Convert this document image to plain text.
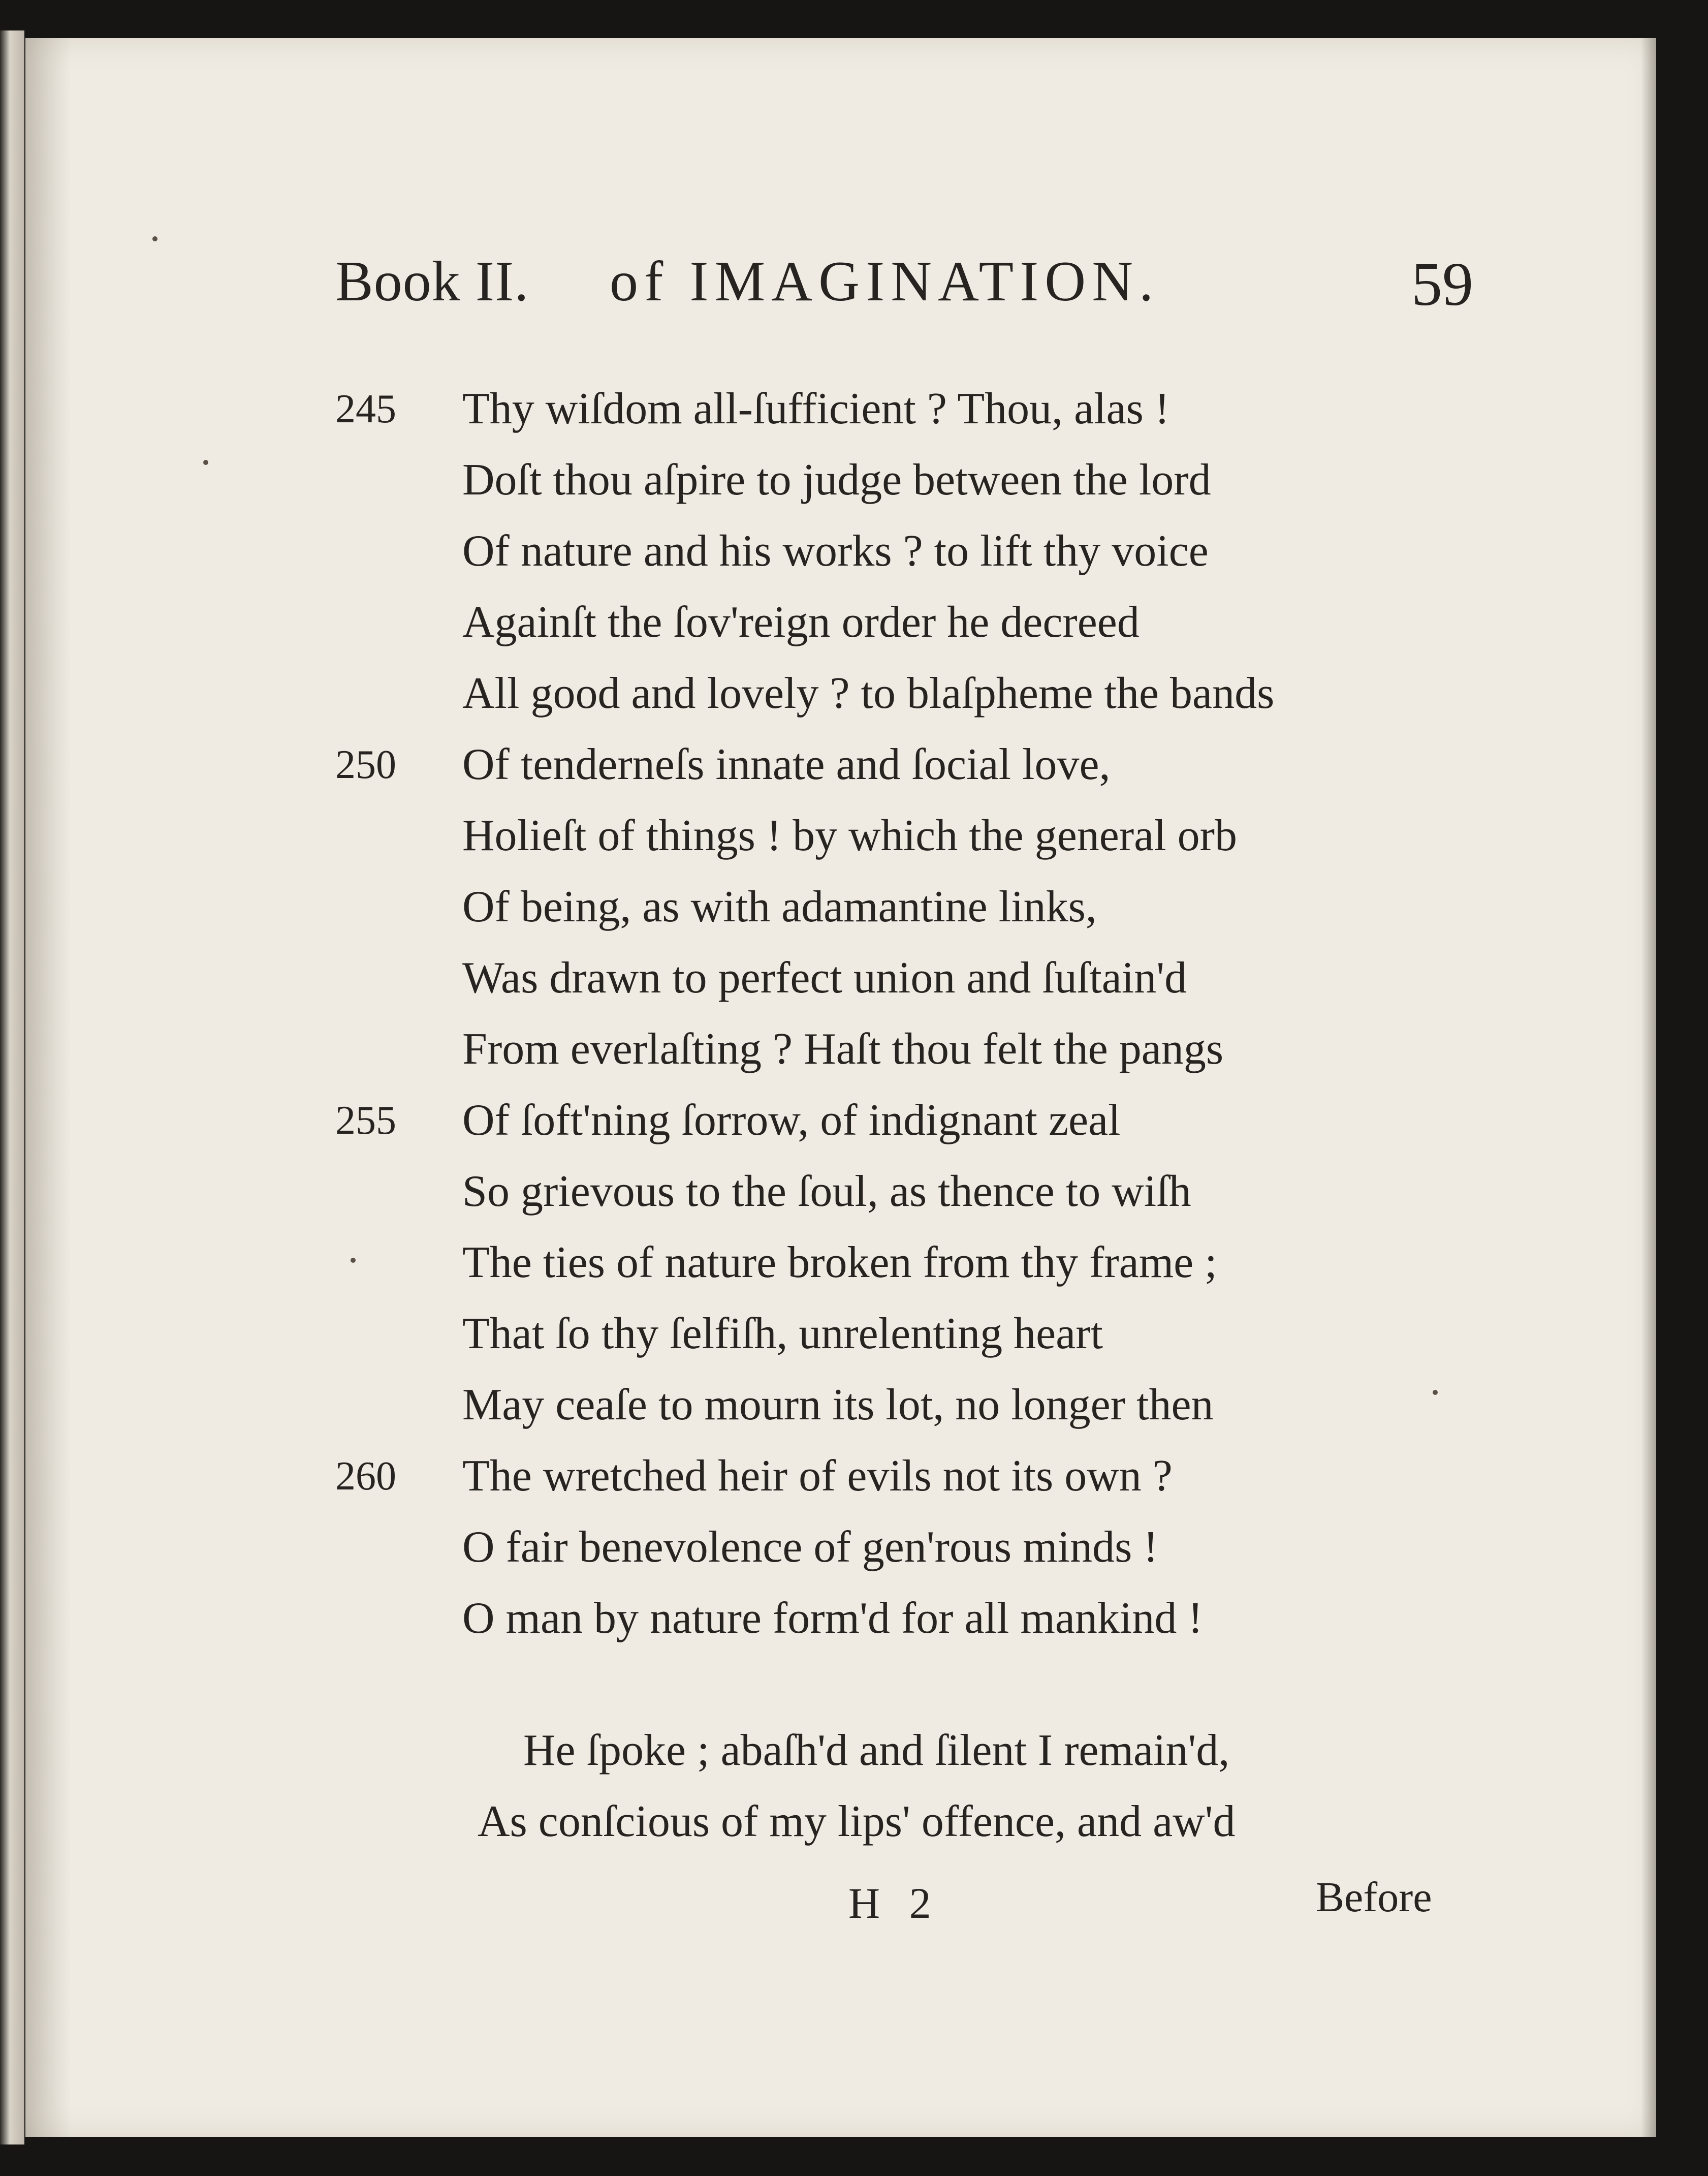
Book II. of IMAGINATION.	59
245	Thy wiſdom all-ſufficient ? Thou, alas !
Doſt thou aſpire to judge between the lord
Of nature and his works ? to lift thy voice
Againſt the ſov'reign order he decreed
All good and lovely ? to blaſpheme the bands
250	Of tenderneſs innate and ſocial love,
Holieſt of things ! by which the general orb
Of being, as with adamantine links,
Was drawn to perfect union and ſuſtain'd
From everlaſting ? Haſt thou felt the pangs
255	Of ſoft'ning ſorrow, of indignant zeal
So grievous to the ſoul, as thence to wiſh
The ties of nature broken from thy frame ;
That ſo thy ſelfiſh, unrelenting heart
May ceaſe to mourn its lot, no longer then
260	The wretched heir of evils not its own ?
O fair benevolence of gen'rous minds !
O man by nature form'd for all mankind !
He ſpoke ; abaſh'd and ſilent I remain'd,
As conſcious of my lips' offence, and aw'd
H 2	Before
